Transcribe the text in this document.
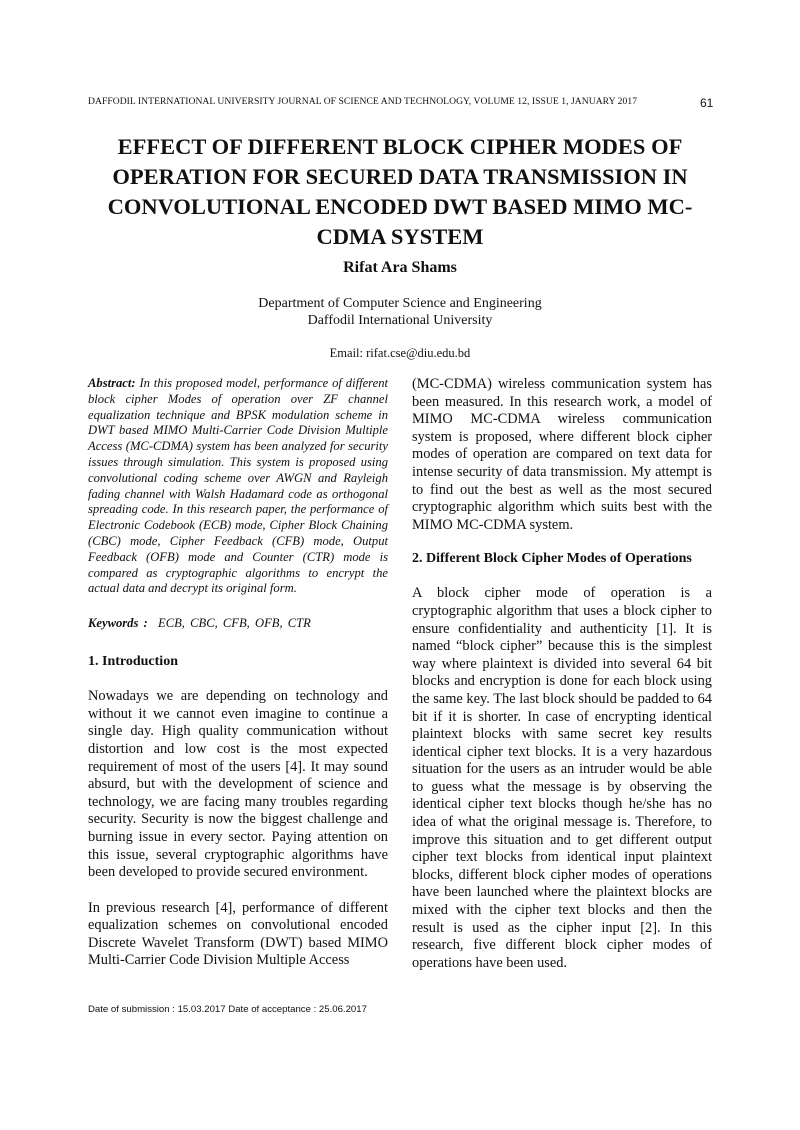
DAFFODIL INTERNATIONAL UNIVERSITY JOURNAL OF SCIENCE AND TECHNOLOGY, VOLUME 12, ISSUE 1, JANUARY 2017	61
EFFECT OF DIFFERENT BLOCK CIPHER MODES OF
OPERATION FOR SECURED DATA TRANSMISSION IN
CONVOLUTIONAL ENCODED DWT BASED MIMO MC-
CDMA SYSTEM
Rifat Ara Shams
Department of Computer Science and Engineering
Daffodil International University
Email: rifat.cse@diu.edu.bd

Abstract: In this proposed model, performance of different block cipher Modes of operation over ZF channel equalization technique and BPSK modulation scheme in DWT based MIMO Multi-Carrier Code Division Multiple Access (MC-CDMA) system has been analyzed for security issues through simulation. This system is proposed using convolutional coding scheme over AWGN and Rayleigh fading channel with Walsh Hadamard code as orthogonal spreading code. In this research paper, the performance of Electronic Codebook (ECB) mode, Cipher Block Chaining (CBC) mode, Cipher Feedback (CFB) mode, Output Feedback (OFB) mode and Counter (CTR) mode is compared as cryptographic algorithms to encrypt the actual data and decrypt its original form.

Keywords : ECB, CBC, CFB, OFB, CTR

1. Introduction

Nowadays we are depending on technology and without it we cannot even imagine to continue a single day. High quality communication without distortion and low cost is the most expected requirement of most of the users [4]. It may sound absurd, but with the development of science and technology, we are facing many troubles regarding security. Security is now the biggest challenge and burning issue in every sector. Paying attention on this issue, several cryptographic algorithms have been developed to provide secured environment.

In previous research [4], performance of different equalization schemes on convolutional encoded Discrete Wavelet Transform (DWT) based MIMO Multi-Carrier Code Division Multiple Access

(MC-CDMA) wireless communication system has been measured. In this research work, a model of MIMO MC-CDMA wireless communication system is proposed, where different block cipher modes of operation are compared on text data for intense security of data transmission. My attempt is to find out the best as well as the most secured cryptographic algorithm which suits best with the MIMO MC-CDMA system.

2. Different Block Cipher Modes of Operations

A block cipher mode of operation is a cryptographic algorithm that uses a block cipher to ensure confidentiality and authenticity [1]. It is named “block cipher” because this is the simplest way where plaintext is divided into several 64 bit blocks and encryption is done for each block using the same key. The last block should be padded to 64 bit if it is shorter. In case of encrypting identical plaintext blocks with same secret key results identical cipher text blocks. It is a very hazardous situation for the users as an intruder would be able to guess what the message is by observing the identical cipher text blocks though he/she has no idea of what the original message is. Therefore, to improve this situation and to get different output cipher text blocks from identical input plaintext blocks, different block cipher modes of operations have been launched where the plaintext blocks are mixed with the cipher text blocks and then the result is used as the cipher input [2]. In this research, five different block cipher modes of operations have been used.

Date of submission : 15.03.2017 Date of acceptance : 25.06.2017
